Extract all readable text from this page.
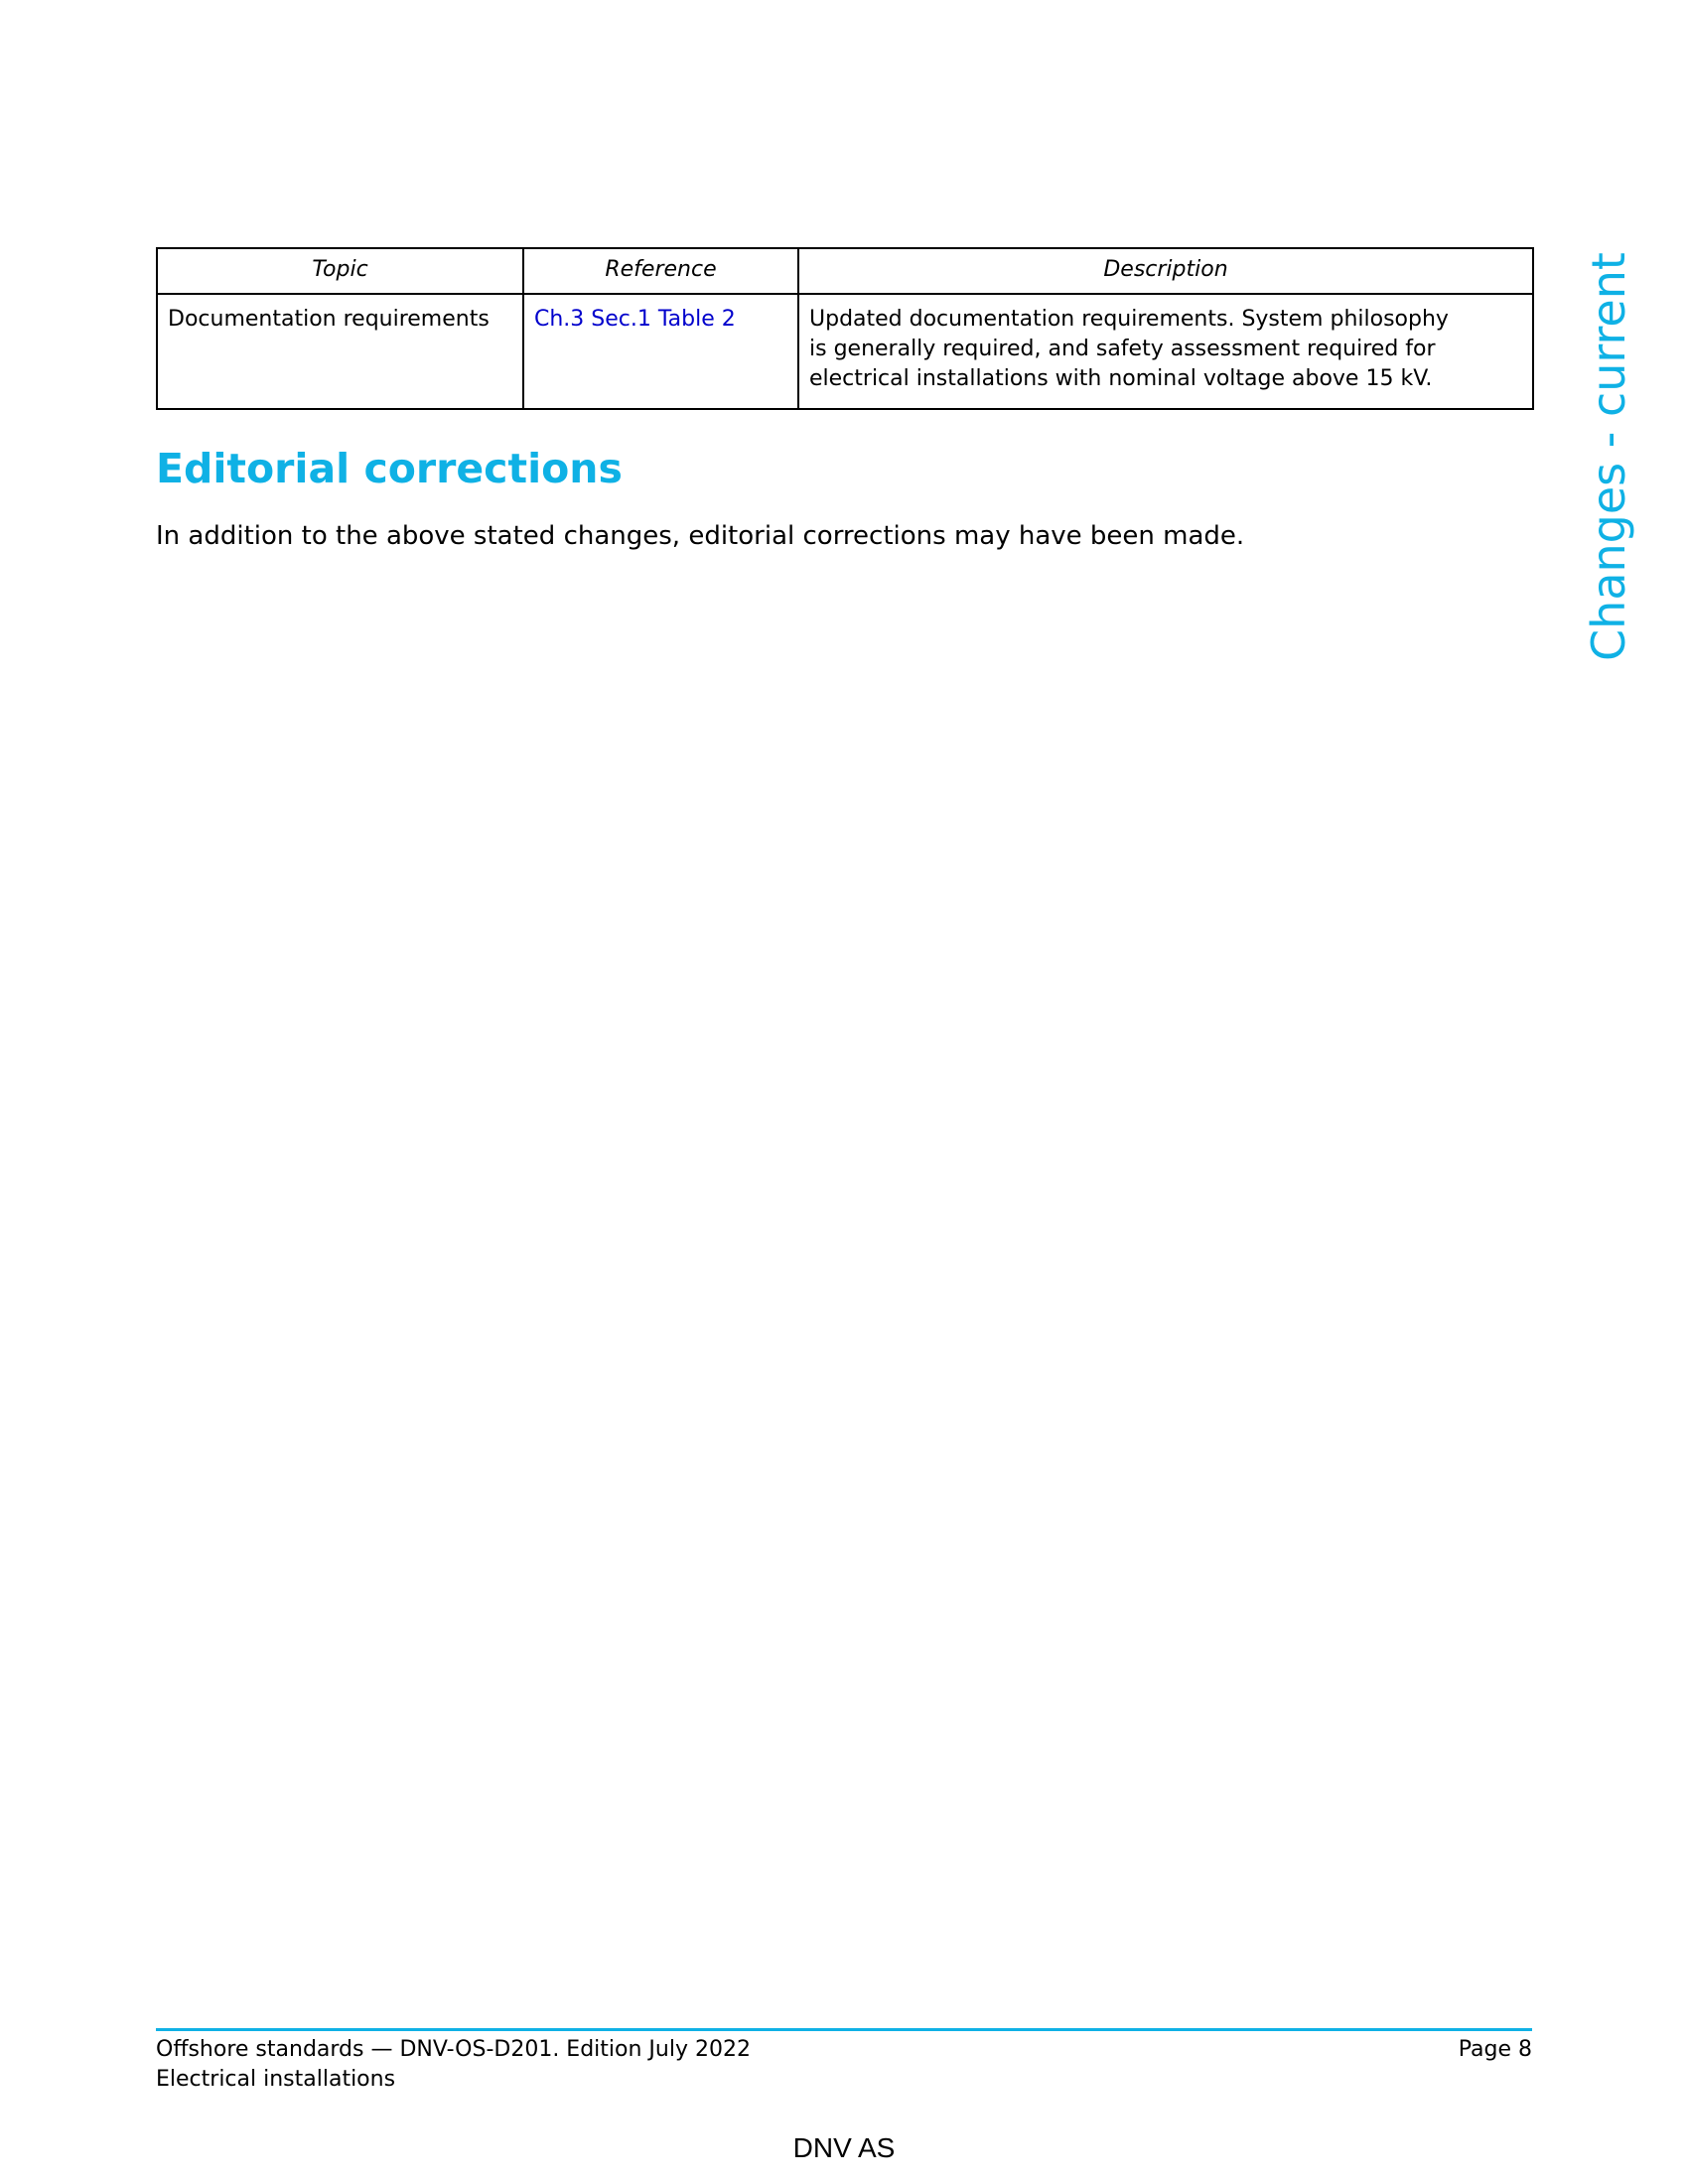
Changes - current
Topic	Reference	Description
Documentation requirements	Ch.3 Sec.1 Table 2	Updated documentation requirements. System philosophy
is generally required, and safety assessment required for
electrical installations with nominal voltage above 15 kV.
Editorial corrections

In addition to the above stated changes, editorial corrections may have been made.

Offshore standards — DNV-OS-D201. Edition July 2022
Electrical installations
Page 8
DNV AS
